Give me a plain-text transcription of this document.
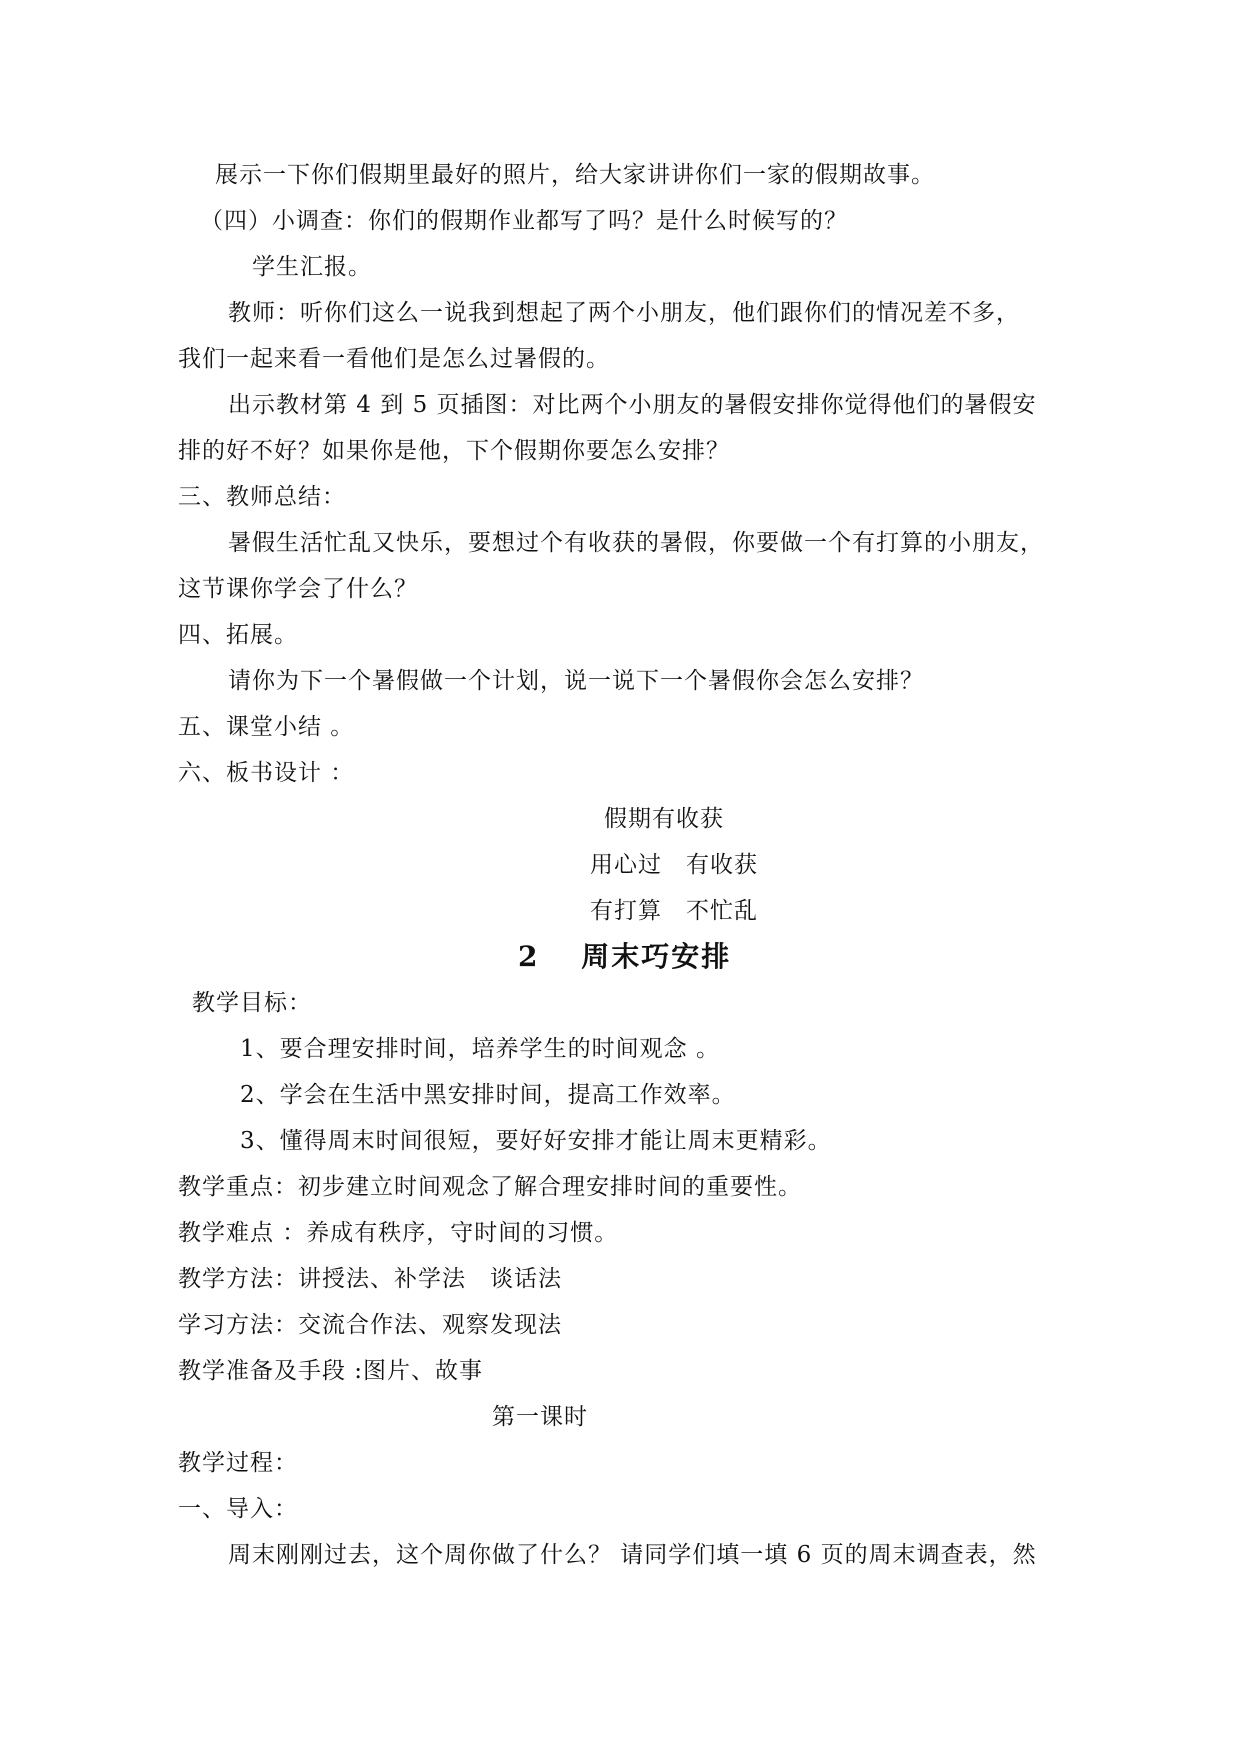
展示一下你们假期里最好的照片，给大家讲讲你们一家的假期故事。
（四）小调查：你们的假期作业都写了吗？是什么时候写的？
学生汇报。
教师：听你们这么一说我到想起了两个小朋友，他们跟你们的情况差不多，
我们一起来看一看他们是怎么过暑假的。
出示教材第 4 到 5 页插图：对比两个小朋友的暑假安排你觉得他们的暑假安
排的好不好？如果你是他，下个假期你要怎么安排？
三、教师总结：
暑假生活忙乱又快乐，要想过个有收获的暑假，你要做一个有打算的小朋友，
这节课你学会了什么？
四、拓展。
请你为下一个暑假做一个计划，说一说下一个暑假你会怎么安排？
五、课堂小结 。
六、板书设计 ：
假期有收获
用心过　有收获
有打算　不忙乱
2　 周末巧安排
教学目标：
1、要合理安排时间，培养学生的时间观念 。
2、学会在生活中黑安排时间，提高工作效率。
3、懂得周末时间很短，要好好安排才能让周末更精彩。
教学重点：初步建立时间观念了解合理安排时间的重要性。
教学难点 ：养成有秩序，守时间的习惯。
教学方法：讲授法、补学法　谈话法
学习方法：交流合作法、观察发现法
教学准备及手段 :图片、故事
第一课时
教学过程：
一、导入：
周末刚刚过去，这个周你做了什么？ 请同学们填一填 6 页的周末调查表，然
